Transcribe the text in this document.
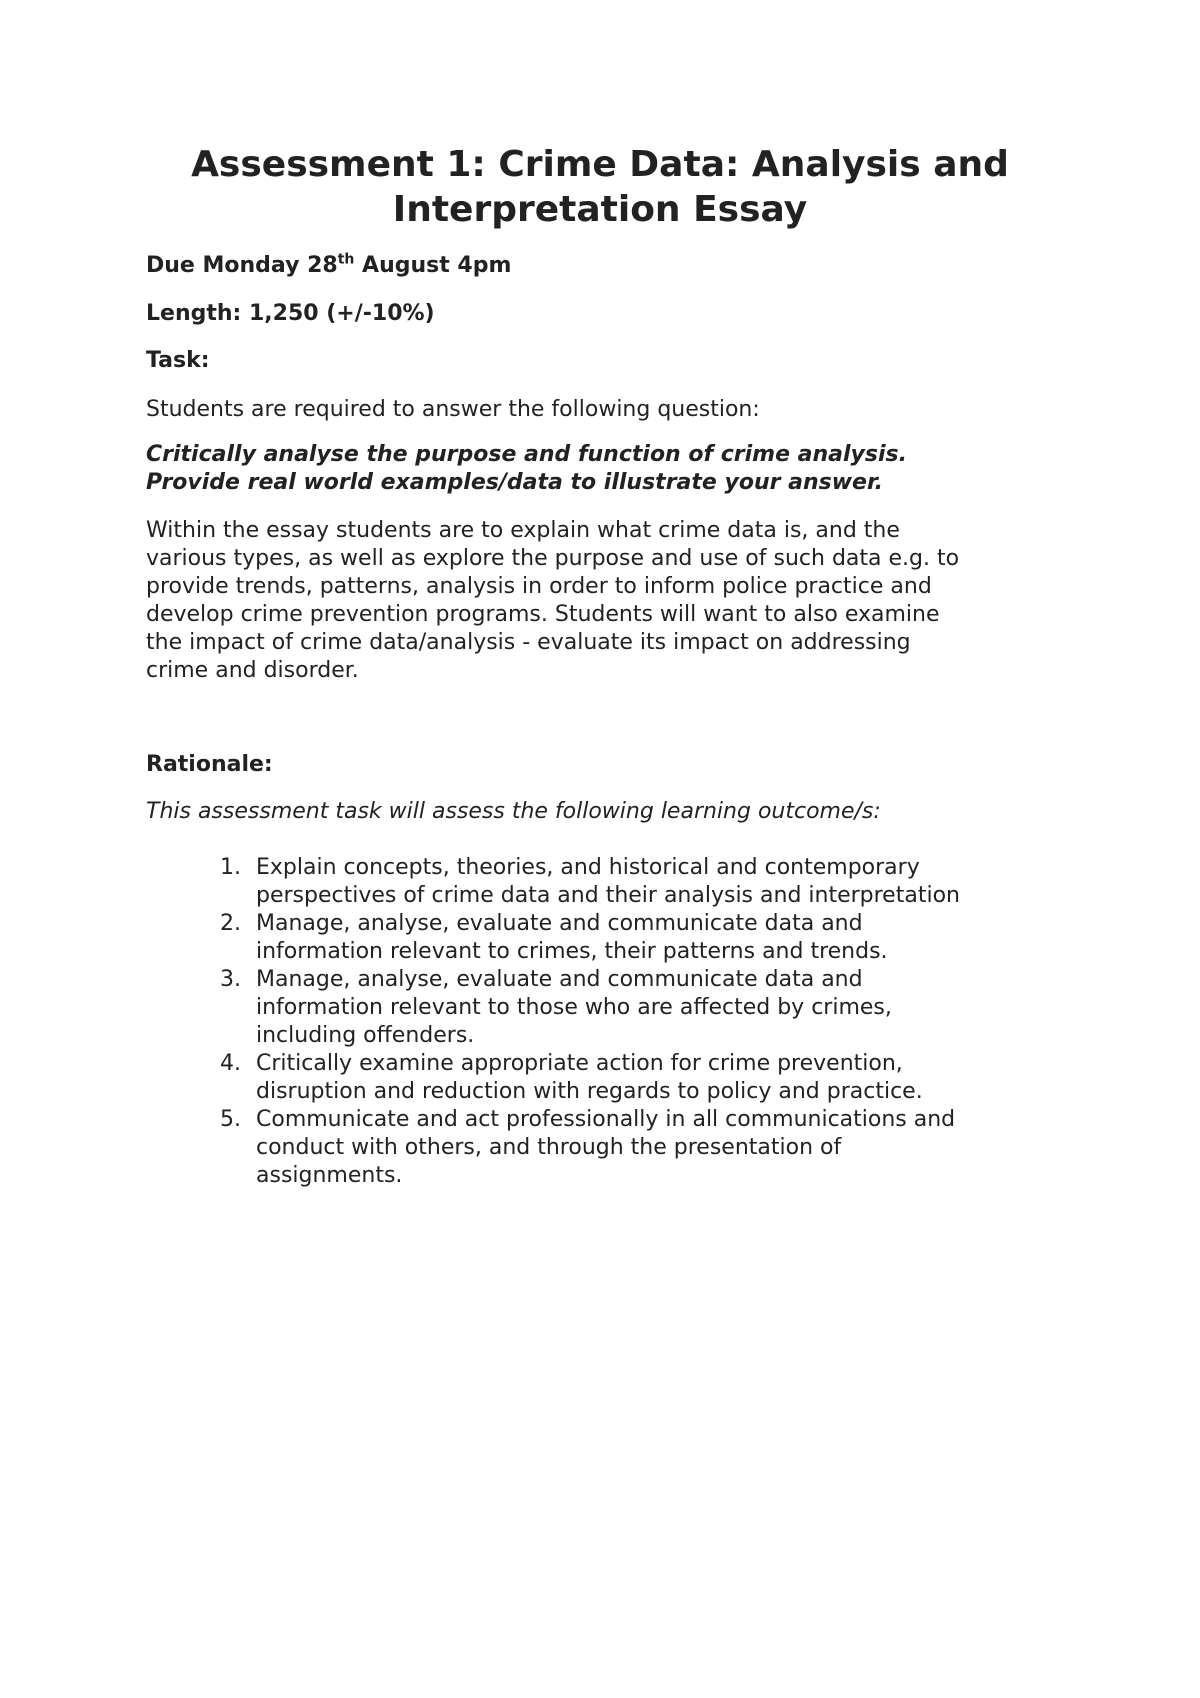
Assessment 1: Crime Data: Analysis and
Interpretation Essay

Due Monday 28th August 4pm

Length: 1,250 (+/-10%)

Task:

Students are required to answer the following question:

Critically analyse the purpose and function of crime analysis.
Provide real world examples/data to illustrate your answer.

Within the essay students are to explain what crime data is, and the
various types, as well as explore the purpose and use of such data e.g. to
provide trends, patterns, analysis in order to inform police practice and
develop crime prevention programs. Students will want to also examine
the impact of crime data/analysis - evaluate its impact on addressing
crime and disorder.

Rationale:

This assessment task will assess the following learning outcome/s:

1. Explain concepts, theories, and historical and contemporary
perspectives of crime data and their analysis and interpretation
2. Manage, analyse, evaluate and communicate data and
information relevant to crimes, their patterns and trends.
3. Manage, analyse, evaluate and communicate data and
information relevant to those who are affected by crimes,
including offenders.
4. Critically examine appropriate action for crime prevention,
disruption and reduction with regards to policy and practice.
5. Communicate and act professionally in all communications and
conduct with others, and through the presentation of
assignments.
